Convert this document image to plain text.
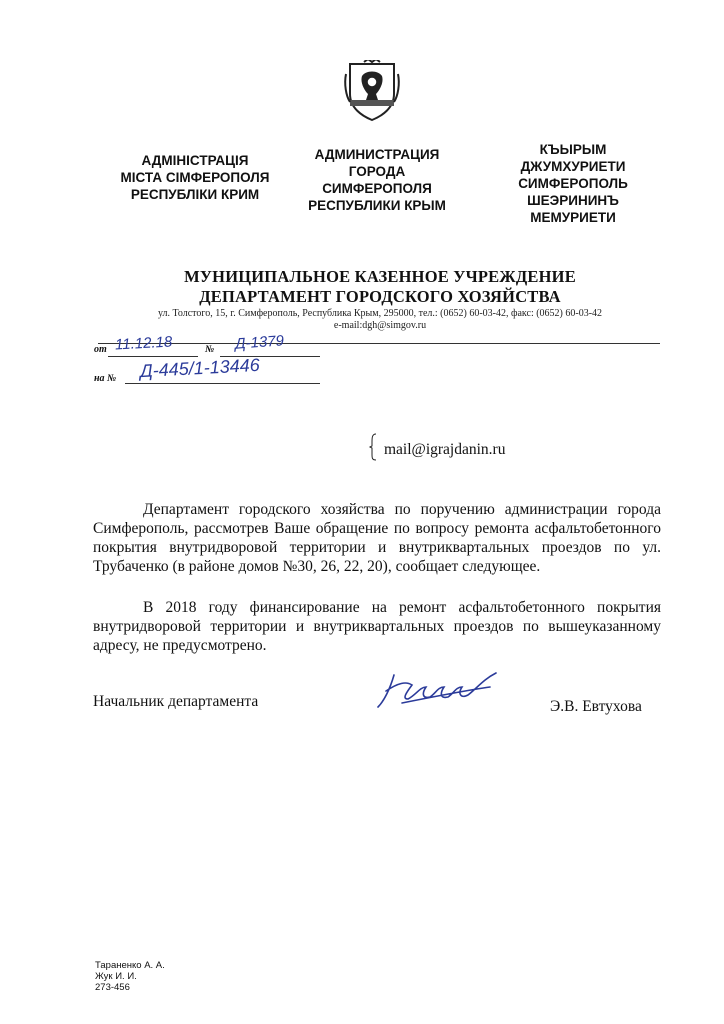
АДМІНІСТРАЦІЯ
МІСТА СІМФЕРОПОЛЯ
РЕСПУБЛІКИ КРИМ
АДМИНИСТРАЦИЯ
ГОРОДА
СИМФЕРОПОЛЯ
РЕСПУБЛИКИ КРЫМ
КЪЫРЫМ
ДЖУМХУРИЕТИ
СИМФЕРОПОЛЬ
ШЕЭРИНИНЪ
МЕМУРИЕТИ
МУНИЦИПАЛЬНОЕ КАЗЕННОЕ УЧРЕЖДЕНИЕ
ДЕПАРТАМЕНТ ГОРОДСКОГО ХОЗЯЙСТВА
ул. Толстого, 15, г. Симферополь, Республика Крым, 295000, тел.: (0652) 60-03-42, факс: (0652) 60-03-42
e-mail:dgh@simgov.ru
от 11.12.18	№ Д-1379
на № Д-445/1-13446
mail@igrajdanin.ru
Департамент городского хозяйства по поручению администрации города Симферополь, рассмотрев Ваше обращение по вопросу ремонта асфальтобетонного покрытия внутридворовой территории и внутриквартальных проездов по ул. Трубаченко (в районе домов №30, 26, 22, 20), сообщает следующее.
В 2018 году финансирование на ремонт асфальтобетонного покрытия внутридворовой территории и внутриквартальных проездов по вышеуказанному адресу, не предусмотрено.
Начальник департамента	Э.В. Евтухова
Тараненко А. А.
Жук И. И.
273-456
